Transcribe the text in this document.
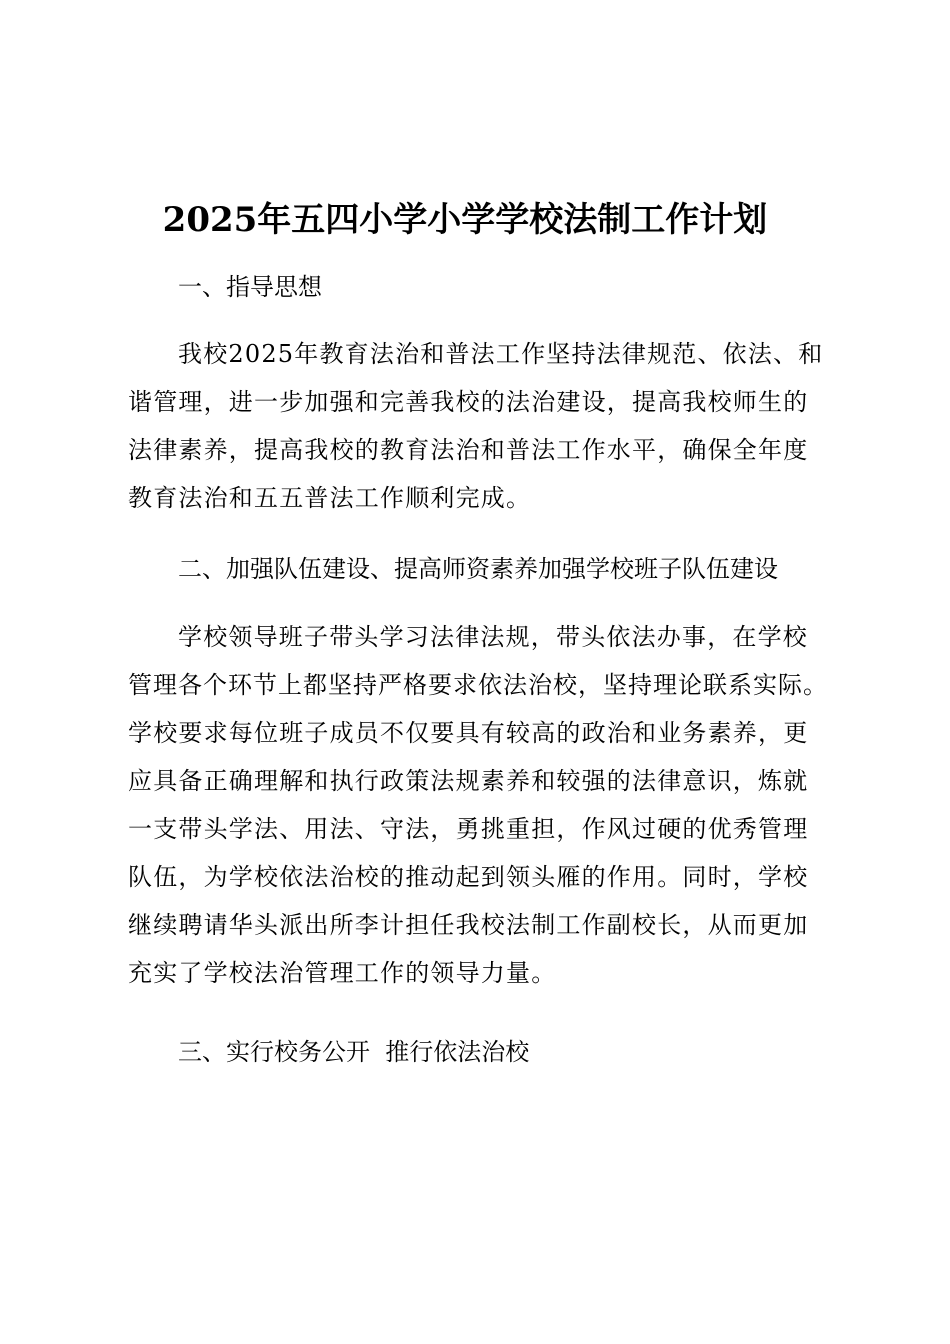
2025年五四小学小学学校法制工作计划
一、指导思想
我校2025年教育法治和普法工作坚持法律规范、依法、和
谐管理，进一步加强和完善我校的法治建设，提高我校师生的
法律素养，提高我校的教育法治和普法工作水平，确保全年度
教育法治和五五普法工作顺利完成。
二、加强队伍建设、提高师资素养加强学校班子队伍建设
学校领导班子带头学习法律法规，带头依法办事，在学校
管理各个环节上都坚持严格要求依法治校，坚持理论联系实际。
学校要求每位班子成员不仅要具有较高的政治和业务素养，更
应具备正确理解和执行政策法规素养和较强的法律意识，炼就
一支带头学法、用法、守法，勇挑重担，作风过硬的优秀管理
队伍，为学校依法治校的推动起到领头雁的作用。同时，学校
继续聘请华头派出所李计担任我校法制工作副校长，从而更加
充实了学校法治管理工作的领导力量。
三、实行校务公开  推行依法治校
